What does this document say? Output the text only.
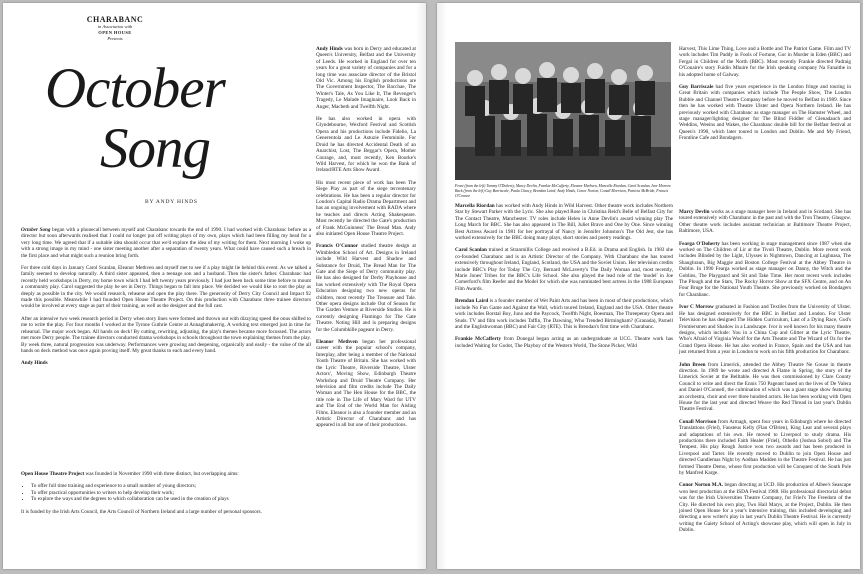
CHARABANC
in Association with
OPEN HOUSE
Presents
October
Song
BY ANDY HINDS

October Song began with a phonecall between myself and Charabanc towards the end of 1990. I had worked with Charabanc before as a director but soon afterwards realised that I could no longer put off writing plays of my own, plays which had been filling my head for a very long time. We agreed that if a suitable idea should occur that we'd explore the idea of my writing for them. Next morning I woke up with a strong image in my mind - one sister meeting another after a separation of twenty years. What could have caused such a breach in the first place and what might such a reunion bring forth.

For three cold days in January Carol Scanlan, Eleanor Methven and myself met to see if a play might lie behind this event. As we talked a family seemed to develop naturally. A third sister appeared, then a teenage son and a husband. Then the sister's father. Charabanc had recently held workshops in Derry, my home town which I had left twenty years previously. I had just been back some time before to mount a community play. Carol suggested the play be set in Derry. Things began to fall into place. We decided we would like to root the play as deeply as possible in the city. We would research, rehearse and open the play there. The generosity of Derry City Council and Impact 92 made this possible. Meanwhile I had founded Open House Theatre Project. On this production with Charabanc three trainee directors would be involved at every stage as part of their training, as well as the designer and the full cast.

After an intensive two week research period in Derry when story lines were formed and thrown out with dizzying speed the onus shifted to me to write the play. For four months I worked at the Tyrone Guthrie Centre at Annaghmakerrig. A working text emerged just in time for rehearsal. The major work began. All hands on deck! By cutting, rewriting, adjusting, the play's themes became more focussed. The actors met more Derry people. The trainee directors conducted drama workshops in schools throughout the town explaining themes from the play. By week three, natural progression was underway. Performances were growing and deepening, organically and easily - the value of the all hands on deck method was once again proving itself. My great thanks to each and every hand.

Andy Hinds

Open House Theatre Project was founded in November 1990 with three distinct, but overlapping aims:

• To offer full time training and experience to a small number of young directors;
• To offer practical opportunities to writers to help develop their work;
• To explore the ways and the degrees to which collaboration can be used in the creation of plays

It is funded by the Irish Arts Council, the Arts Council of Northern Ireland and a large number of personal sponsors.

Andy Hinds was born in Derry and educated at Queen's University, Belfast and the University of Leeds. He worked in England for over ten years for a great variety of companies and for a long time was associate director of the Bristol Old Vic. Among his English productions are The Government Inspector, The Bacchae, The Winter's Tale, As You Like It, The Revenger's Tragedy, Le Malade Imaginaire, Look Back in Anger, Macbeth and Twelfth Night.

He has also worked in opera with Glyndebourne, Wexford Festival and Scottish Opera and his productions include Fidelio, La Generentola and Le Astuzie Femminile. For Druid he has directed Accidental Death of an Anarchist, Lost, The Beggar's Opera, Mother Courage, and, most recently, Ken Bourke's Wild Harvest, for which he won the Bank of Ireland/RTE Arts Show Award.

His most recent piece of work has been The Siege Play as part of the siege tercentenary celebrations. He has been a regular director for London's Capital Radio Drama Department and has an ongoing involvement with RADA where he teaches and directs Acting Shakespeare. Most recently he directed the Gate's production of Frank McGuinness' The Bread Man. Andy also initiated Open House Theatre Project.

Francis O'Connor studied theatre design at Wimbledon School of Art. Designs in Ireland include Wild Harvest and Shadow and Substance for Druid, The Bread Man for The Gate and the Siege of Derry community play. He has also designed for Derby Playhouse and has worked extensively with The Royal Opera Education designing two new operas for children, most recently The Treasure and Tale. Other opera designs include Out of Season for The Garden Venture at Riverside Studios. He is currently designing Flamingo for The Gate Theatre. Noting Hill and is preparing designs for the Columbkille pageant in Derry.

Eleanor Methven began her professional career with the popular school's company, Interplay, after being a member of the National Youth Theatre of Britain. She has worked with the Lyric Theatre, Riverside Theatre, Ulster Actors', Moving Show, Edinburgh Theatre Workshop and Druid Theatre Company. Her television and film credits include The Daily Woman and The Hen House for the BBC, the title role in The Life of Mary Ward for UTV and The End of the World Man for Aisling Films. Eleanor is also a founder member and an Artistic Director of Charabanc and has appeared in all but one of their productions.

Front (from the left) Tommy O'Doherty, Marcy Devlin, Frankie McCafferty, Eleanor Methven, Marcella Riordan, Carol Scanlan, Ivor Morrow
Back (from the left) Guy Barriscale, Paula Clancy, Brendan Laird, Andy Hinds, Conor Norton, Conall Morrison, Patricia McBride, Francis O'Connor

Harvest, This Lime Thing, Love and a Bottle and The Patriot Game. Film and TV work includes Tim Paddy in Fools of Fortune, Gor in Murder in Eden (BBC) and Fergal in Children of the North (BBC). Most recently Frankie directed Padraig O'Conaire's story Fuidin Mhuire for the Irish speaking company Na Fanaithe in his adopted home of Galway.

Guy Barriscale had five years experience in the London fringe and touring in Great Britain with companies which include The People Show, The London Bubble and Channel Theatre Company before he moved to Belfast in 1989. Since then he has worked with Theatre Ulster and Opera Northern Ireland. He has previously worked with Charabanc as stage manager on The Hamster Wheel, and stage manager/lighting designer for The Blind Fiddler of Glenadauch and Weddins, Weeins and Wakes, the Charabanc double bill for the Belfast festival at Queen's 1990, which later toured to London and Dublin. Me and My Friend, Frontline Cafe and Bondagers.

Marcella Riordan has worked with Andy Hinds in Wild Harvest. Other theatre work includes Northern Star by Stewart Parker with the Lyric. She also played Rose in Christina Reid's Belle of Belfast City for The Contact Theatre, Manchester. TV roles include Helen in Anne Devlin's award winning play The Long March for BBC. She has also appeared in The Bill, Juliet Bravo and One by One. Since winning Best Actress Award in 1981 for her portrayal of Nancy in Jennifer Johnston's The Old Jest, she has worked extensively for the BBC doing many plays, short stories and poetry readings.

Carol Scanlan trained at Stranmillis College and received a B.Ed. in Drama and English. In 1983 she co-founded Charabanc and is an Artistic Director of the Company. With Charabanc she has toured extensively throughout Ireland, England, Scotland, the USA and the Soviet Union. Her television credits include BBC's Play for Today The Cry, Bernard McLaverty's The Daily Woman and, most recently, Marie Jones' Tribes for the BBC's Life School. She also played the lead role of the 'model' in Joe Comerford's film Reefer and the Model for which she was nominated best actress in the 1988 European Film Awards.

Brendan Laird is a founder member of Wet Paint Arts and has been in most of their productions, which include No Fun Game and Against the Wall, which toured Ireland, England and the USA. Other theatre work includes Borstal Boy, Juno and the Paycock, Twelfth Night, Boesman, The Threepenny Opera and Studs. TV and film work includes Taffin, The Dawning, Who Trended Birmingham? (Granada), Parnell and the Englishwoman (BBC) and Fair City (RTE). This is Brendan's first time with Charabanc.

Frankie McCafferty from Donegal began acting as an undergraduate at UCG. Theatre work has included Waiting for Godot, The Playboy of the Western World, The Stone Picker, Wild

Marcy Devlin works as a stage manager here in Ireland and in Scotland. She has toured extensively with Charabanc in the past and with the Tron Theatre, Glasgow. Other theatre work includes assistant technician at Baltimore Theatre Project, Baltimore, USA.

Fearga O'Doherty has been working in stage management since 1987 when she worked on The Children of Lir at the Tivoli Theatre, Dublin. More recent work includes Blinded by the Light, Ulysses in Nighttown, Dancing at Lughnasa, The Shaughraun, Big Maggie and Boston College Festival at the Abbey Theatre in Dublin. In 1990 Fearga worked as stage manager on Danny, the Witch and the Goblins, The Playgoard and Sit and Take Time. Her most recent work includes The Plough and the Stars, The Rocky Horror Show at the SFX Centre, and on An Four Bruge for the National Youth Theatre. She previously worked on Bondagers for Charabanc.

Ivor C Morrow graduated in Fashion and Textiles from the University of Ulster. He has designed extensively for the BBC in Belfast and London. For Ulster Television he has designed The Hidden Curriculum, Last of a Dying Race, God's Frontiersmen and Shadow in a Landscape. Ivor is well known for his many theatre designs, which include: You in a China Cup and Glitter at the Lyric Theatre, Who's Afraid of Virginia Woolf for the Arts Theatre and The Wizard of Oz for the Grand Opera House. He has also worked in France, Spain and the USA and has just returned from a year in London to work on his fifth production for Charabanc.

John Breen from Limerick, attended the Abbey Theatre Ne Gouse in theatre direction. In 1989 he wrote and directed A Flame in Spring, the story of the Limerick Soviet at the Belltable. He was then commissioned by Clare County Council to write and direct the Ennis 750 Pageant based on the lives of De Valera and Daniel O'Connell, the culmination of which was a giant stage show featuring an orchestra, choir and over three hundred actors. He has been working with Open House for the last year and directed Weave the Red Thread in last year's Dublin Theatre Festival.

Conall Morrison from Armagh, spent four years in Edinburgh where he directed Translations (Friel), Fausteus Kelly (Flan O'Brien), King Lear and several plays and adaptations of his own. He moved to Liverpool to study drama. His productions there included Faith Healer (Friel), Othello (Joshua Sobol) and The Tempest. His play Rough Justice won two awards and has been produced in Liverpool and Tarter. He recently moved to Dublin to join Open House and directed Gandlemas Night by Aodhan Madden in the Theatre Festival. He has just formed Theatre Demo, whose first production will be Conquest of the South Pole by Manfred Karge.

Conor Norton M.A. began directing at UCD. His production of Albee's Seascape won best production at the ISDA Festival 1988. His professional directorial debut was for the Irish Universities Theatre Company, for Friel's The Freedom of the City. He directed his own play, Two Hail Marys, at the Project, Dublin. He then joined Open House for a year's intensive training, this included developing and directing a new writer's play in last year's Dublin Theatre Festival. He is currently writing the Gaiety School of Acting's showcase play, which will open in July in Dublin.
